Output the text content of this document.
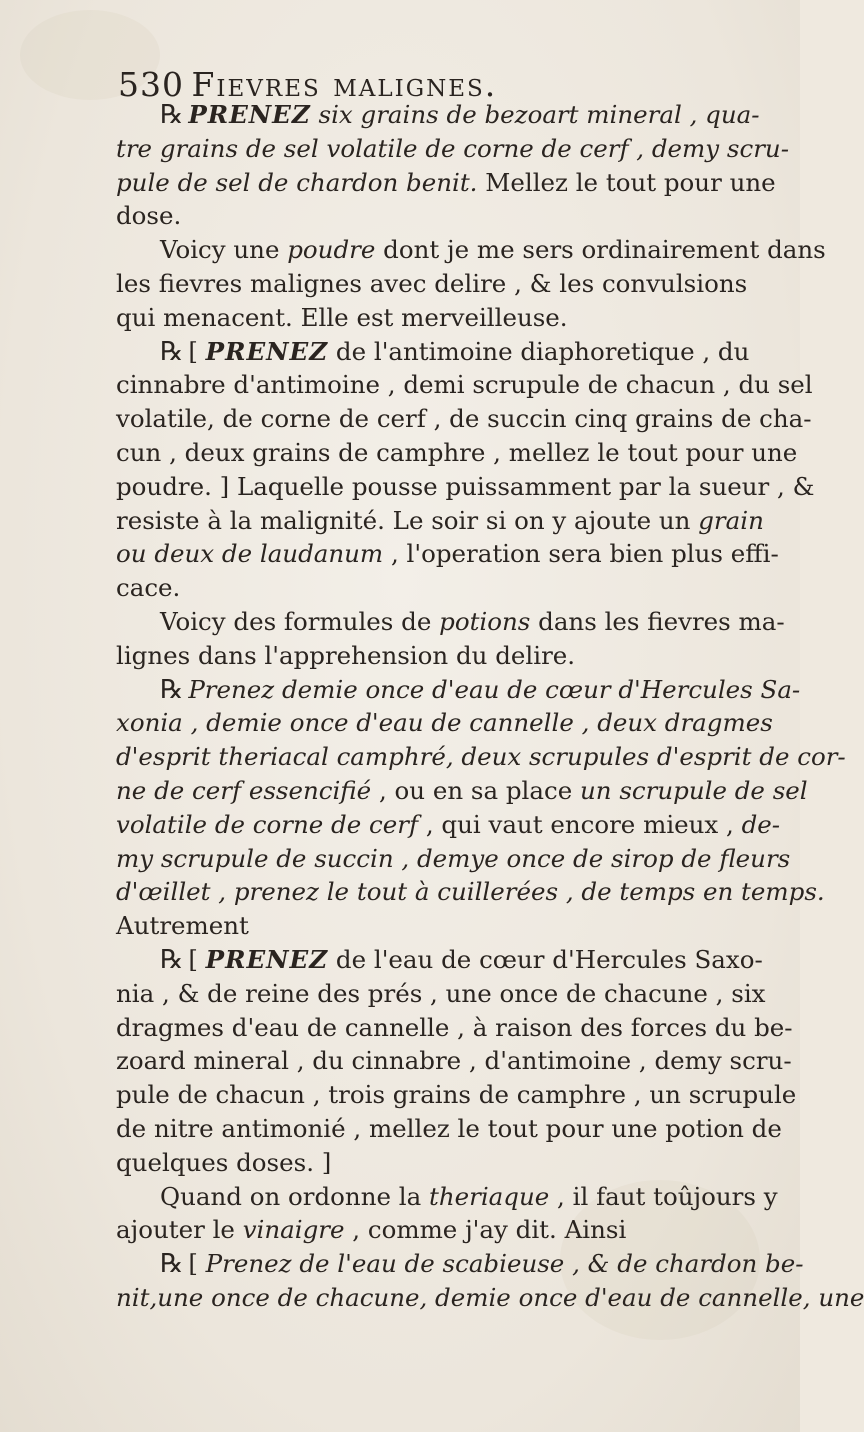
530 Fievres malignes.
℞ PRENEZ six grains de bezoart mineral , qua-
tre grains de sel volatile de corne de cerf , demy scru-
pule de sel de chardon benit. Mellez le tout pour une
dose.
Voicy une poudre dont je me sers ordinairement dans
les fievres malignes avec delire , & les convulsions
qui menacent. Elle est merveilleuse.
℞ [ PRENEZ de l'antimoine diaphoretique , du
cinnabre d'antimoine , demi scrupule de chacun , du sel
volatile, de corne de cerf , de succin cinq grains de cha-
cun , deux grains de camphre , mellez le tout pour une
poudre. ] Laquelle pousse puissamment par la sueur , &
resiste à la malignité. Le soir si on y ajoute un grain
ou deux de laudanum , l'operation sera bien plus effi-
cace.
Voicy des formules de potions dans les fievres ma-
lignes dans l'apprehension du delire.
℞ Prenez demie once d'eau de cœur d'Hercules Sa-
xonia , demie once d'eau de cannelle , deux dragmes
d'esprit theriacal camphré, deux scrupules d'esprit de cor-
ne de cerf essencifié , ou en sa place un scrupule de sel
volatile de corne de cerf , qui vaut encore mieux , de-
my scrupule de succin , demye once de sirop de fleurs
d'œillet , prenez le tout à cuillerées , de temps en temps.
Autrement
℞ [ PRENEZ de l'eau de cœur d'Hercules Saxo-
nia , & de reine des prés , une once de chacune , six
dragmes d'eau de cannelle , à raison des forces du be-
zoard mineral , du cinnabre , d'antimoine , demy scru-
pule de chacun , trois grains de camphre , un scrupule
de nitre antimonié , mellez le tout pour une potion de
quelques doses. ]
Quand on ordonne la theriaque , il faut toûjours y
ajouter le vinaigre , comme j'ay dit. Ainsi
℞ [ Prenez de l'eau de scabieuse , & de chardon be-
nit,une once de chacune, demie once d'eau de cannelle, une
